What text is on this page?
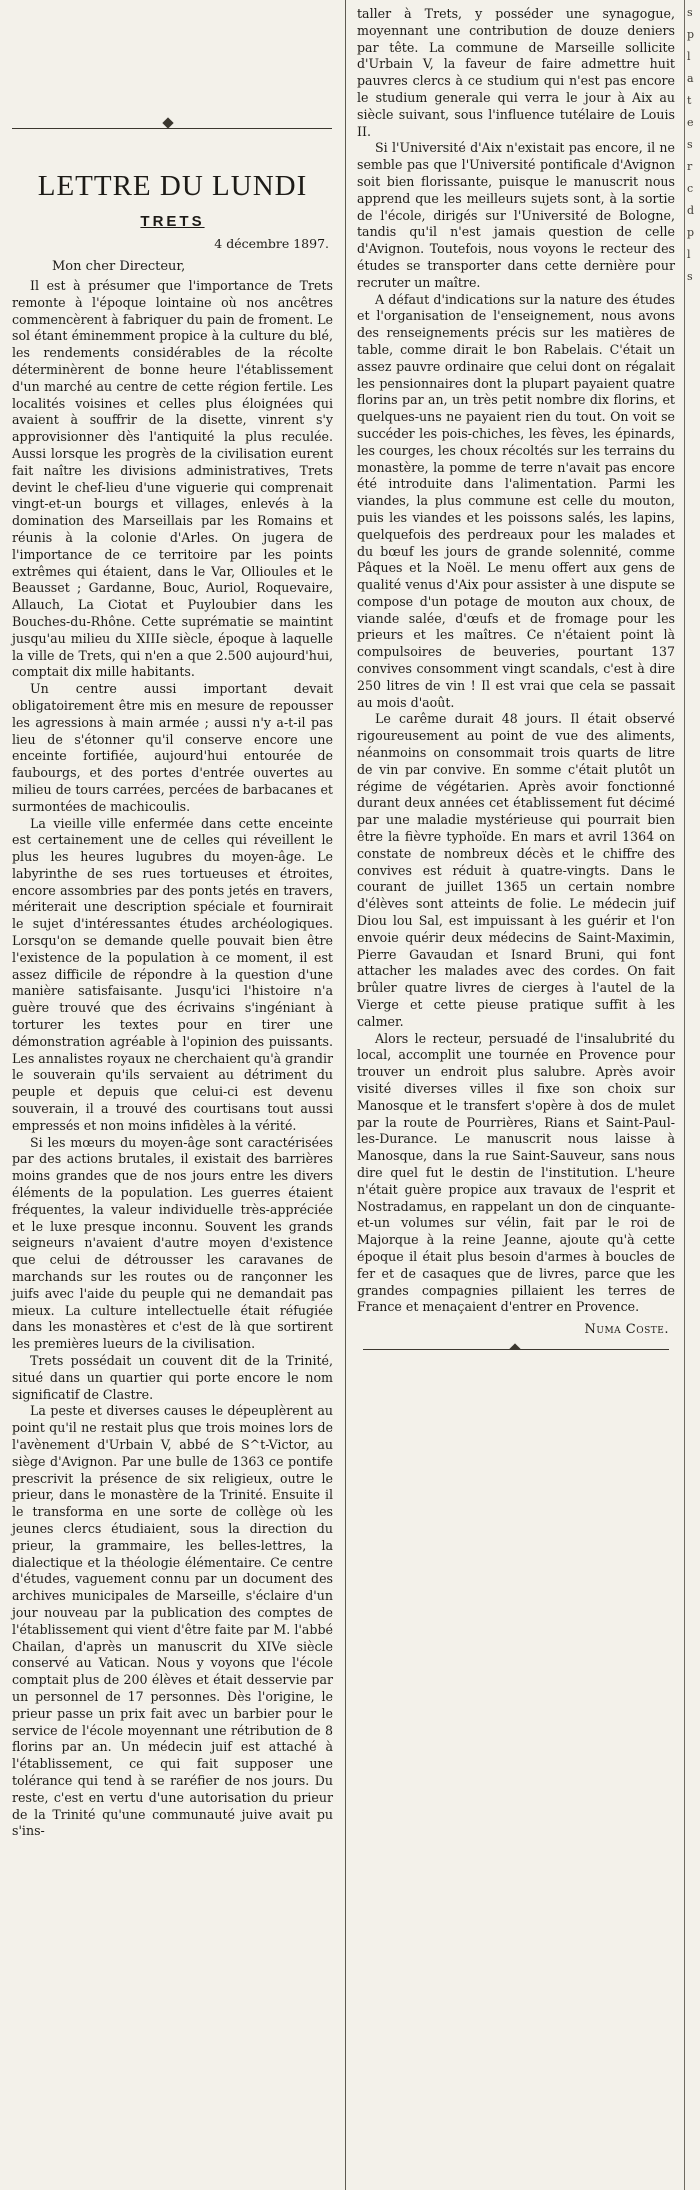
LETTRE DU LUNDI
TRETS
4 décembre 1897.
Mon cher Directeur,

Il est à présumer que l'importance de Trets remonte à l'époque lointaine où nos ancêtres commencèrent à fabriquer du pain de froment. Le sol étant éminemment propice à la culture du blé, les rendements considérables de la récolte déterminèrent de bonne heure l'établissement d'un marché au centre de cette région fertile. Les localités voisines et celles plus éloignées qui avaient à souffrir de la disette, vinrent s'y approvisionner dès l'antiquité la plus reculée. Aussi lorsque les progrès de la civilisation eurent fait naître les divisions administratives, Trets devint le chef-lieu d'une viguerie qui comprenait vingt-et-un bourgs et villages, enlevés à la domination des Marseillais par les Romains et réunis à la colonie d'Arles. On jugera de l'importance de ce territoire par les points extrêmes qui étaient, dans le Var, Ollioules et le Beausset ; Gardanne, Bouc, Auriol, Roquevaire, Allauch, La Ciotat et Puyloubier dans les Bouches-du-Rhône. Cette suprématie se maintint jusqu'au milieu du XIIIe siècle, époque à laquelle la ville de Trets, qui n'en a que 2.500 aujourd'hui, comptait dix mille habitants.

Un centre aussi important devait obligatoirement être mis en mesure de repousser les agressions à main armée ; aussi n'y a-t-il pas lieu de s'étonner qu'il conserve encore une enceinte fortifiée, aujourd'hui entourée de faubourgs, et des portes d'entrée ouvertes au milieu de tours carrées, percées de barbacanes et surmontées de machicoulis.

La vieille ville enfermée dans cette enceinte est certainement une de celles qui réveillent le plus les heures lugubres du moyen-âge. Le labyrinthe de ses rues tortueuses et étroites, encore assombries par des ponts jetés en travers, mériterait une description spéciale et fournirait le sujet d'intéressantes études archéologiques. Lorsqu'on se demande quelle pouvait bien être l'existence de la population à ce moment, il est assez difficile de répondre à la question d'une manière satisfaisante. Jusqu'ici l'histoire n'a guère trouvé que des écrivains s'ingéniant à torturer les textes pour en tirer une démonstration agréable à l'opinion des puissants. Les annalistes royaux ne cherchaient qu'à grandir le souverain qu'ils servaient au détriment du peuple et depuis que celui-ci est devenu souverain, il a trouvé des courtisans tout aussi empressés et non moins infidèles à la vérité.

Si les mœurs du moyen-âge sont caractérisées par des actions brutales, il existait des barrières moins grandes que de nos jours entre les divers éléments de la population. Les guerres étaient fréquentes, la valeur individuelle très-appréciée et le luxe presque inconnu. Souvent les grands seigneurs n'avaient d'autre moyen d'existence que celui de détrousser les caravanes de marchands sur les routes ou de rançonner les juifs avec l'aide du peuple qui ne demandait pas mieux. La culture intellectuelle était réfugiée dans les monastères et c'est de là que sortirent les premières lueurs de la civilisation.

Trets possédait un couvent dit de la Trinité, situé dans un quartier qui porte encore le nom significatif de Clastre.

La peste et diverses causes le dépeuplèrent au point qu'il ne restait plus que trois moines lors de l'avènement d'Urbain V, abbé de S^t-Victor, au siège d'Avignon. Par une bulle de 1363 ce pontife prescrivit la présence de six religieux, outre le prieur, dans le monastère de la Trinité. Ensuite il le transforma en une sorte de collège où les jeunes clercs étudiaient, sous la direction du prieur, la grammaire, les belles-lettres, la dialectique et la théologie élémentaire. Ce centre d'études, vaguement connu par un document des archives municipales de Marseille, s'éclaire d'un jour nouveau par la publication des comptes de l'établissement qui vient d'être faite par M. l'abbé Chailan, d'après un manuscrit du XIVe siècle conservé au Vatican. Nous y voyons que l'école comptait plus de 200 élèves et était desservie par un personnel de 17 personnes. Dès l'origine, le prieur passe un prix fait avec un barbier pour le service de l'école moyennant une rétribution de 8 florins par an. Un médecin juif est attaché à l'établissement, ce qui fait supposer une tolérance qui tend à se raréfier de nos jours. Du reste, c'est en vertu d'une autorisation du prieur de la Trinité qu'une communauté juive avait pu s'ins-

taller à Trets, y posséder une synagogue, moyennant une contribution de douze deniers par tête. La commune de Marseille sollicite d'Urbain V, la faveur de faire admettre huit pauvres clercs à ce studium qui n'est pas encore le studium generale qui verra le jour à Aix au siècle suivant, sous l'influence tutélaire de Louis II.

Si l'Université d'Aix n'existait pas encore, il ne semble pas que l'Université pontificale d'Avignon soit bien florissante, puisque le manuscrit nous apprend que les meilleurs sujets sont, à la sortie de l'école, dirigés sur l'Université de Bologne, tandis qu'il n'est jamais question de celle d'Avignon. Toutefois, nous voyons le recteur des études se transporter dans cette dernière pour recruter un maître.

A défaut d'indications sur la nature des études et l'organisation de l'enseignement, nous avons des renseignements précis sur les matières de table, comme dirait le bon Rabelais. C'était un assez pauvre ordinaire que celui dont on régalait les pensionnaires dont la plupart payaient quatre florins par an, un très petit nombre dix florins, et quelques-uns ne payaient rien du tout. On voit se succéder les pois-chiches, les fèves, les épinards, les courges, les choux récoltés sur les terrains du monastère, la pomme de terre n'avait pas encore été introduite dans l'alimentation. Parmi les viandes, la plus commune est celle du mouton, puis les viandes et les poissons salés, les lapins, quelquefois des perdreaux pour les malades et du bœuf les jours de grande solennité, comme Pâques et la Noël. Le menu offert aux gens de qualité venus d'Aix pour assister à une dispute se compose d'un potage de mouton aux choux, de viande salée, d'œufs et de fromage pour les prieurs et les maîtres. Ce n'étaient point là compulsoires de beuveries, pourtant 137 convives consomment vingt scandals, c'est à dire 250 litres de vin ! Il est vrai que cela se passait au mois d'août.

Le carême durait 48 jours. Il était observé rigoureusement au point de vue des aliments, néanmoins on consommait trois quarts de litre de vin par convive. En somme c'était plutôt un régime de végétarien. Après avoir fonctionné durant deux années cet établissement fut décimé par une maladie mystérieuse qui pourrait bien être la fièvre typhoïde. En mars et avril 1364 on constate de nombreux décès et le chiffre des convives est réduit à quatre-vingts. Dans le courant de juillet 1365 un certain nombre d'élèves sont atteints de folie. Le médecin juif Diou lou Sal, est impuissant à les guérir et l'on envoie quérir deux médecins de Saint-Maximin, Pierre Gavaudan et Isnard Bruni, qui font attacher les malades avec des cordes. On fait brûler quatre livres de cierges à l'autel de la Vierge et cette pieuse pratique suffit à les calmer.

Alors le recteur, persuadé de l'insalubrité du local, accomplit une tournée en Provence pour trouver un endroit plus salubre. Après avoir visité diverses villes il fixe son choix sur Manosque et le transfert s'opère à dos de mulet par la route de Pourrières, Rians et Saint-Paul-les-Durance. Le manuscrit nous laisse à Manosque, dans la rue Saint-Sauveur, sans nous dire quel fut le destin de l'institution. L'heure n'était guère propice aux travaux de l'esprit et Nostradamus, en rappelant un don de cinquante-et-un volumes sur vélin, fait par le roi de Majorque à la reine Jeanne, ajoute qu'à cette époque il était plus besoin d'armes à boucles de fer et de casaques que de livres, parce que les grandes compagnies pillaient les terres de France et menaçaient d'entrer en Provence.

Numa Coste.
s
p
l
a
t
e
s
r
c
d
p
l
s
